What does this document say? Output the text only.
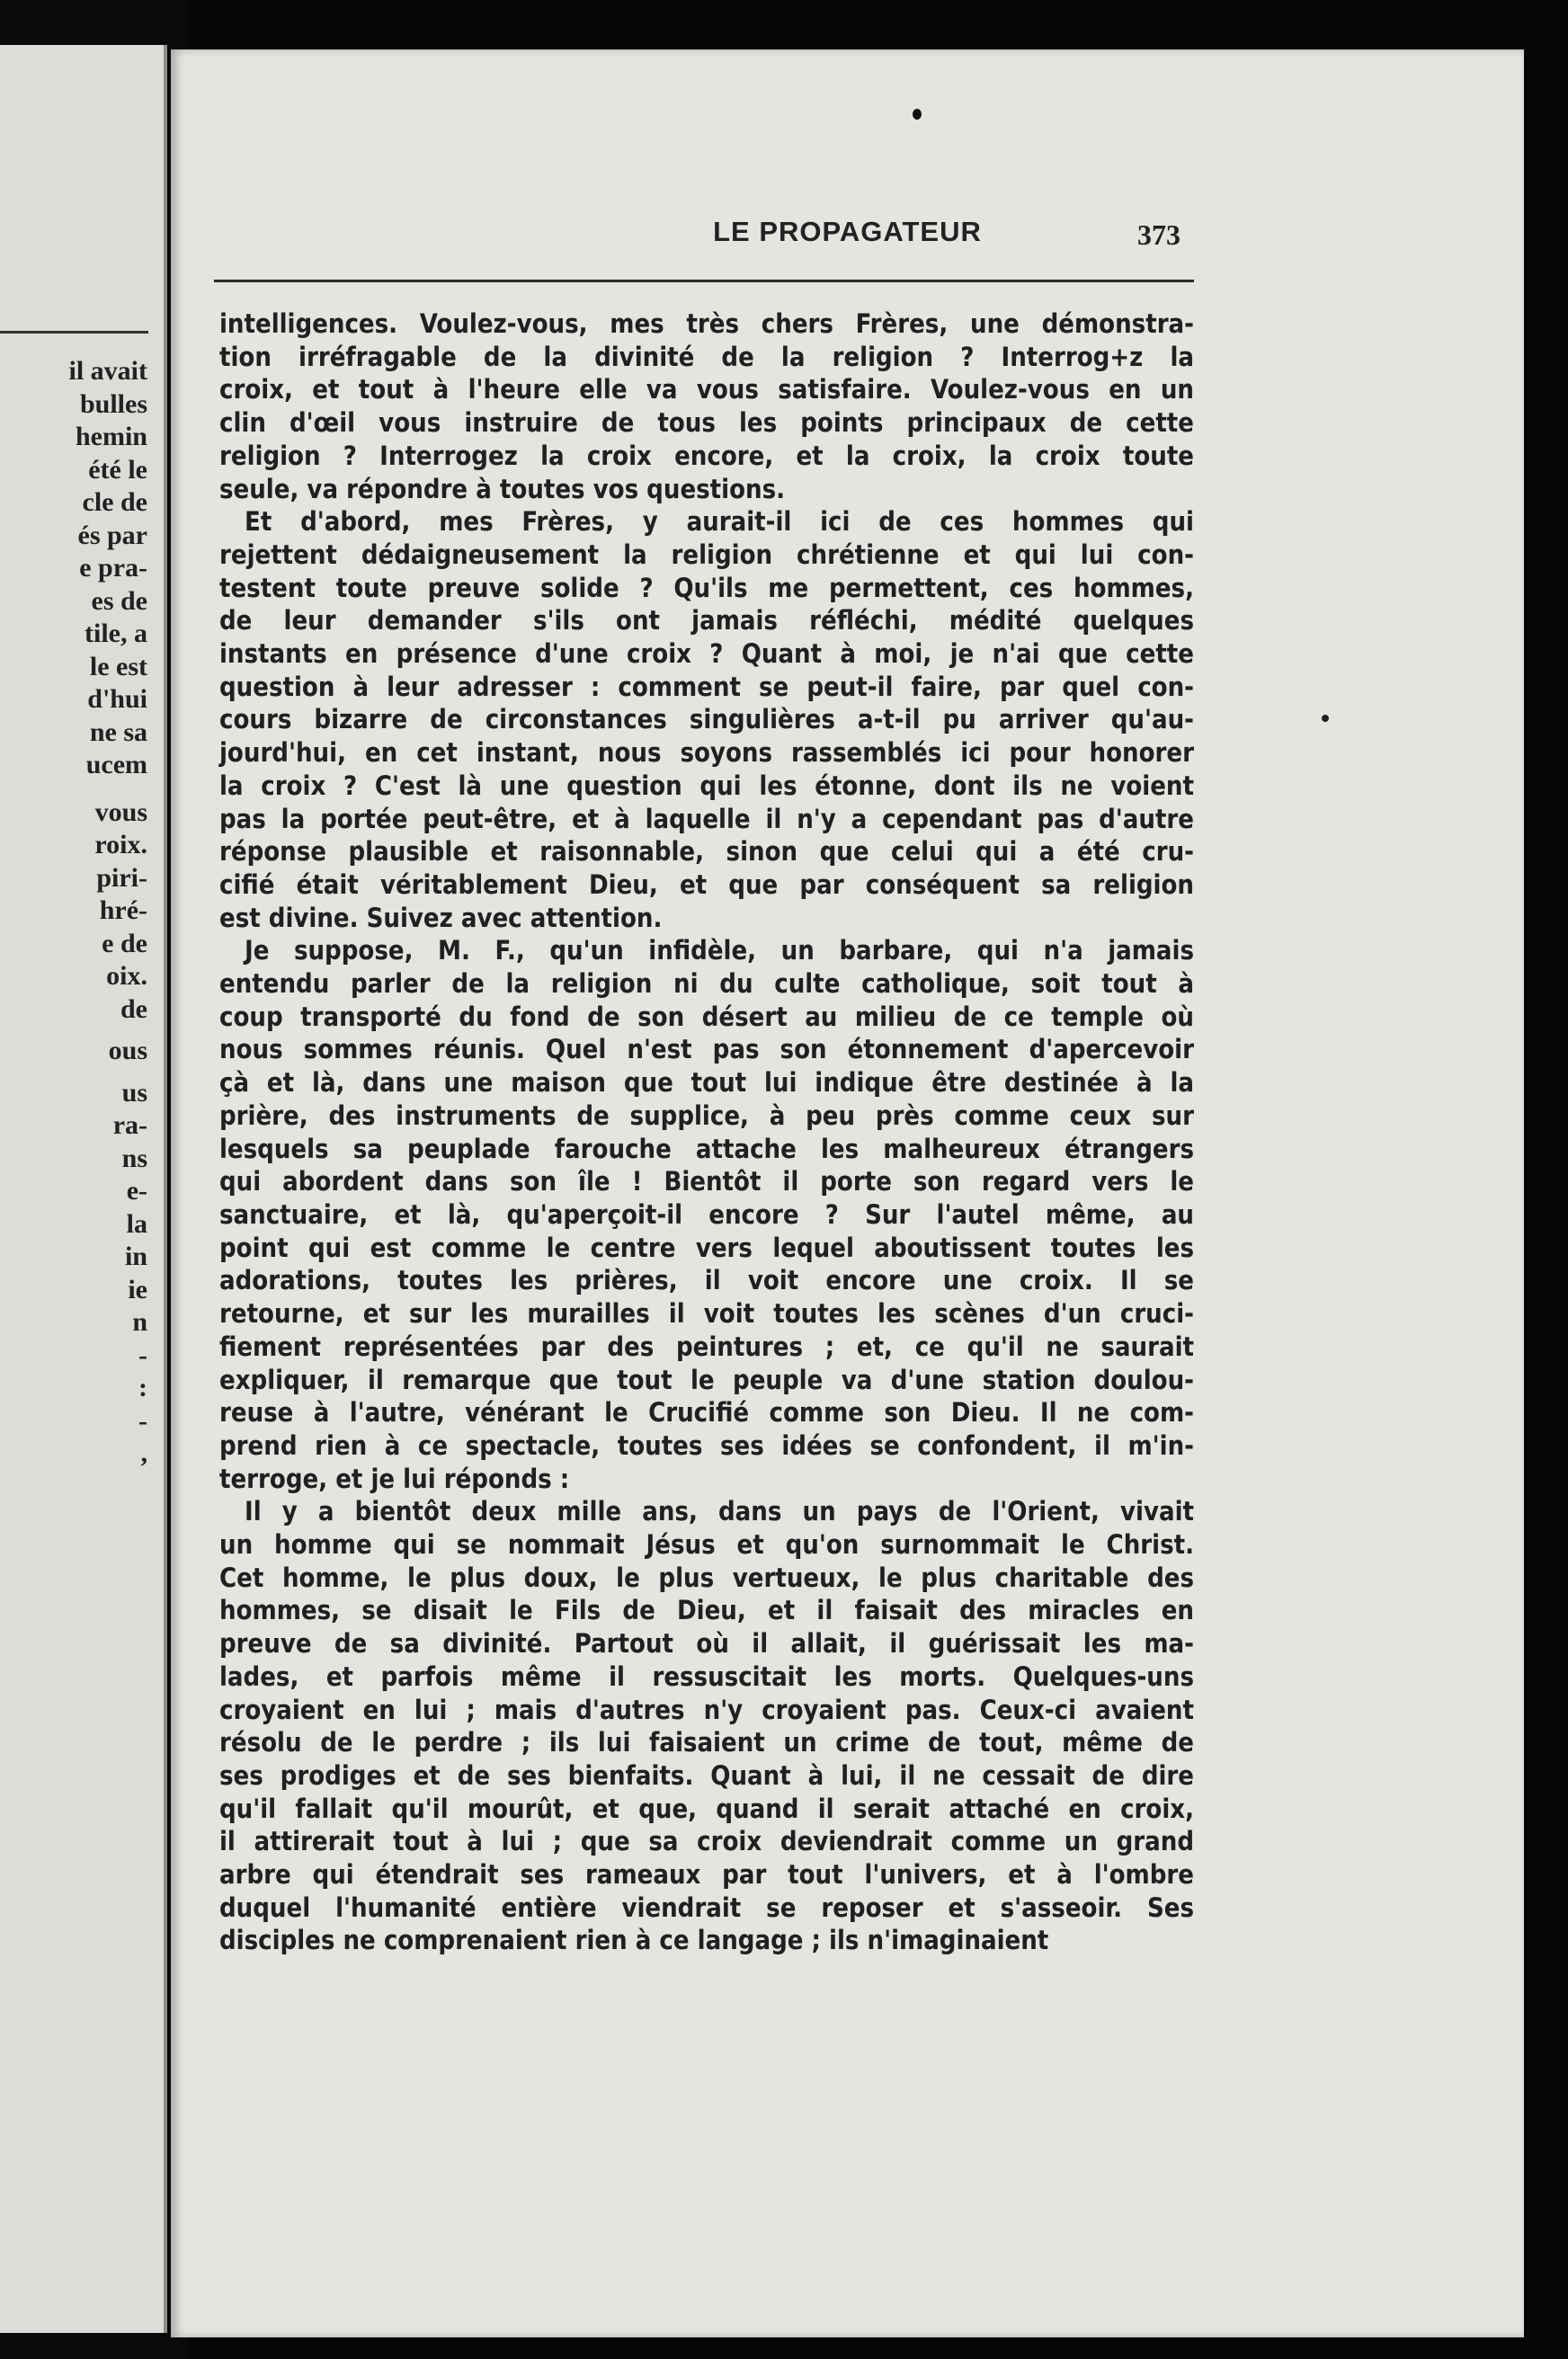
il avait
bulles
hemin
été le
cle de
és par
e pra-
es de
tile, a
le est
d'hui
ne sa
ucem
vous
roix.
piri-
hré-
e de
oix.
de
ous
us
ra-
ns
e-
la
in
ie
n
-
:
-
,
LE PROPAGATEUR	373

intelligences. Voulez-vous, mes très chers Frères, une démonstra-
tion irréfragable de la divinité de la religion ? Interrog+z la
croix, et tout à l'heure elle va vous satisfaire. Voulez-vous en un
clin d'œil vous instruire de tous les points principaux de cette
religion ? Interrogez la croix encore, et la croix, la croix toute
seule, va répondre à toutes vos questions.

Et d'abord, mes Frères, y aurait-il ici de ces hommes qui
rejettent dédaigneusement la religion chrétienne et qui lui con-
testent toute preuve solide ? Qu'ils me permettent, ces hommes,
de leur demander s'ils ont jamais réfléchi, médité quelques
instants en présence d'une croix ? Quant à moi, je n'ai que cette
question à leur adresser : comment se peut-il faire, par quel con-
cours bizarre de circonstances singulières a-t-il pu arriver qu'au-
jourd'hui, en cet instant, nous soyons rassemblés ici pour honorer
la croix ? C'est là une question qui les étonne, dont ils ne voient
pas la portée peut-être, et à laquelle il n'y a cependant pas d'autre
réponse plausible et raisonnable, sinon que celui qui a été cru-
cifié était véritablement Dieu, et que par conséquent sa religion
est divine. Suivez avec attention.

Je suppose, M. F., qu'un infidèle, un barbare, qui n'a jamais
entendu parler de la religion ni du culte catholique, soit tout à
coup transporté du fond de son désert au milieu de ce temple où
nous sommes réunis. Quel n'est pas son étonnement d'apercevoir
çà et là, dans une maison que tout lui indique être destinée à la
prière, des instruments de supplice, à peu près comme ceux sur
lesquels sa peuplade farouche attache les malheureux étrangers
qui abordent dans son île ! Bientôt il porte son regard vers le
sanctuaire, et là, qu'aperçoit-il encore ? Sur l'autel même, au
point qui est comme le centre vers lequel aboutissent toutes les
adorations, toutes les prières, il voit encore une croix. Il se
retourne, et sur les murailles il voit toutes les scènes d'un cruci-
fiement représentées par des peintures ; et, ce qu'il ne saurait
expliquer, il remarque que tout le peuple va d'une station doulou-
reuse à l'autre, vénérant le Crucifié comme son Dieu. Il ne com-
prend rien à ce spectacle, toutes ses idées se confondent, il m'in-
terroge, et je lui réponds :

Il y a bientôt deux mille ans, dans un pays de l'Orient, vivait
un homme qui se nommait Jésus et qu'on surnommait le Christ.
Cet homme, le plus doux, le plus vertueux, le plus charitable des
hommes, se disait le Fils de Dieu, et il faisait des miracles en
preuve de sa divinité. Partout où il allait, il guérissait les ma-
lades, et parfois même il ressuscitait les morts. Quelques-uns
croyaient en lui ; mais d'autres n'y croyaient pas. Ceux-ci avaient
résolu de le perdre ; ils lui faisaient un crime de tout, même de
ses prodiges et de ses bienfaits. Quant à lui, il ne cessait de dire
qu'il fallait qu'il mourût, et que, quand il serait attaché en croix,
il attirerait tout à lui ; que sa croix deviendrait comme un grand
arbre qui étendrait ses rameaux par tout l'univers, et à l'ombre
duquel l'humanité entière viendrait se reposer et s'asseoir. Ses
disciples ne comprenaient rien à ce langage ; ils n'imaginaient
